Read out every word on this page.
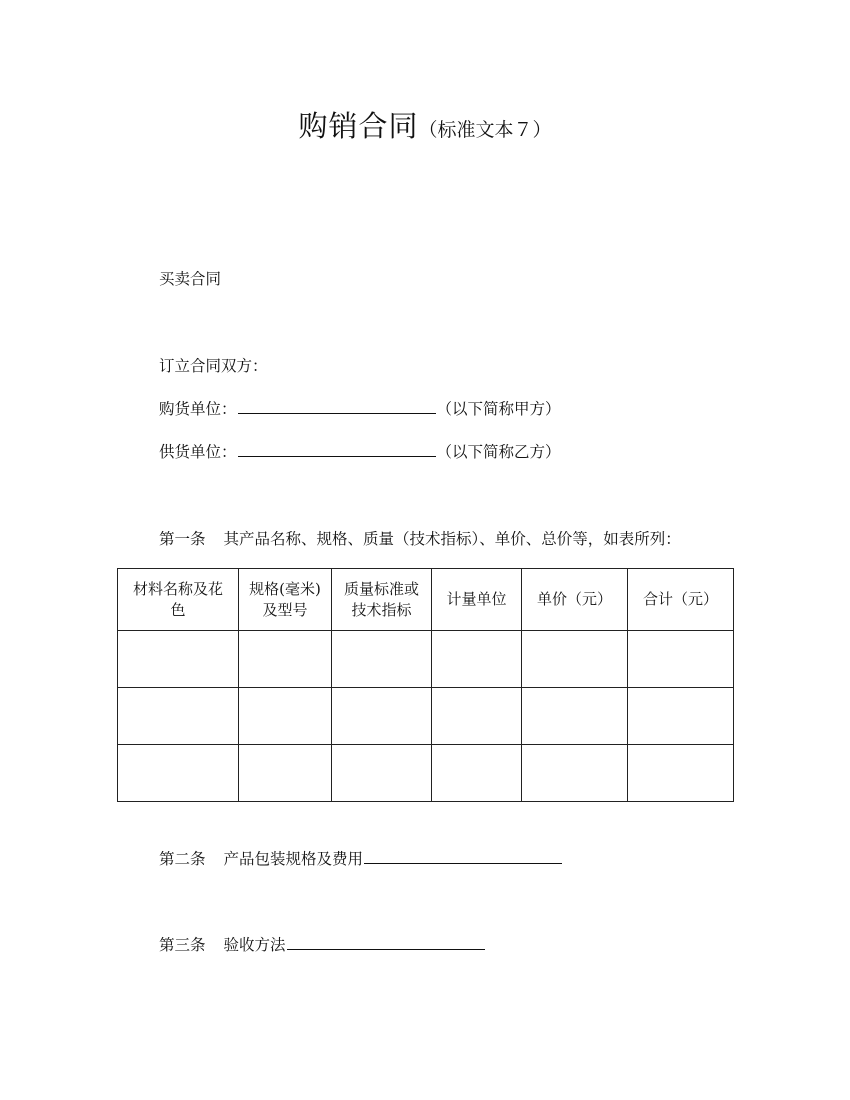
购销合同（标准文本７）
买卖合同
订立合同双方：
购货单位：	（以下简称甲方）
供货单位：	（以下简称乙方）
第一条 其产品名称、规格、质量（技术指标）、单价、总价等，如表所列：
材料名称及花色	规格(毫米)及型号	质量标准或技术指标	计量单位	单价（元）	合计（元）

第二条 产品包装规格及费用
第三条 验收方法
